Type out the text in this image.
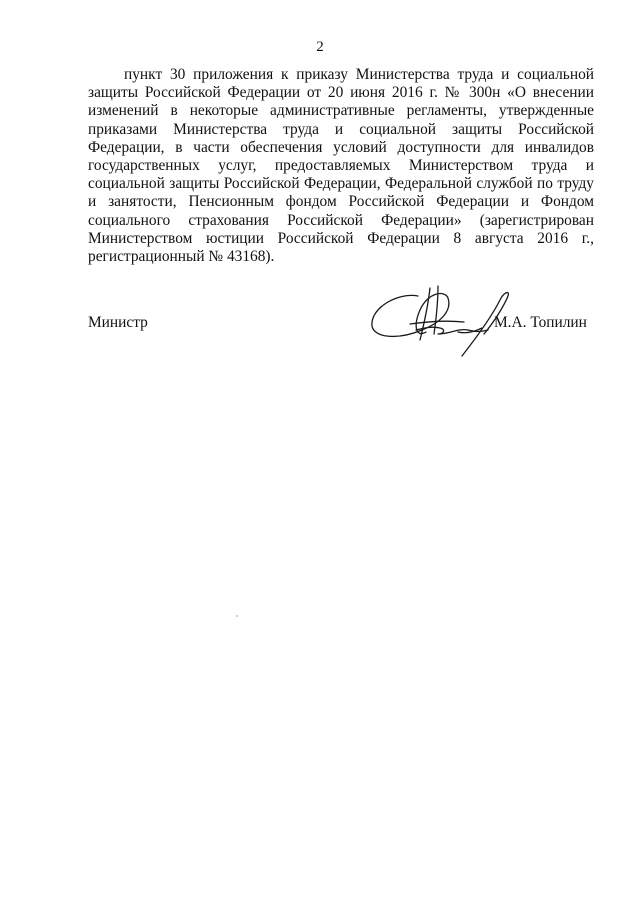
2

пункт 30 приложения к приказу Министерства труда и социальной защиты Российской Федерации от 20 июня 2016 г. № 300н «О внесении изменений в некоторые административные регламенты, утвержденные приказами Министерства труда и социальной защиты Российской Федерации, в части обеспечения условий доступности для инвалидов государственных услуг, предоставляемых Министерством труда и социальной защиты Российской Федерации, Федеральной службой по труду и занятости, Пенсионным фондом Российской Федерации и Фондом социального страхования Российской Федерации» (зарегистрирован Министерством юстиции Российской Федерации 8 августа 2016 г., регистрационный № 43168).

Министр	М.А. Топилин
